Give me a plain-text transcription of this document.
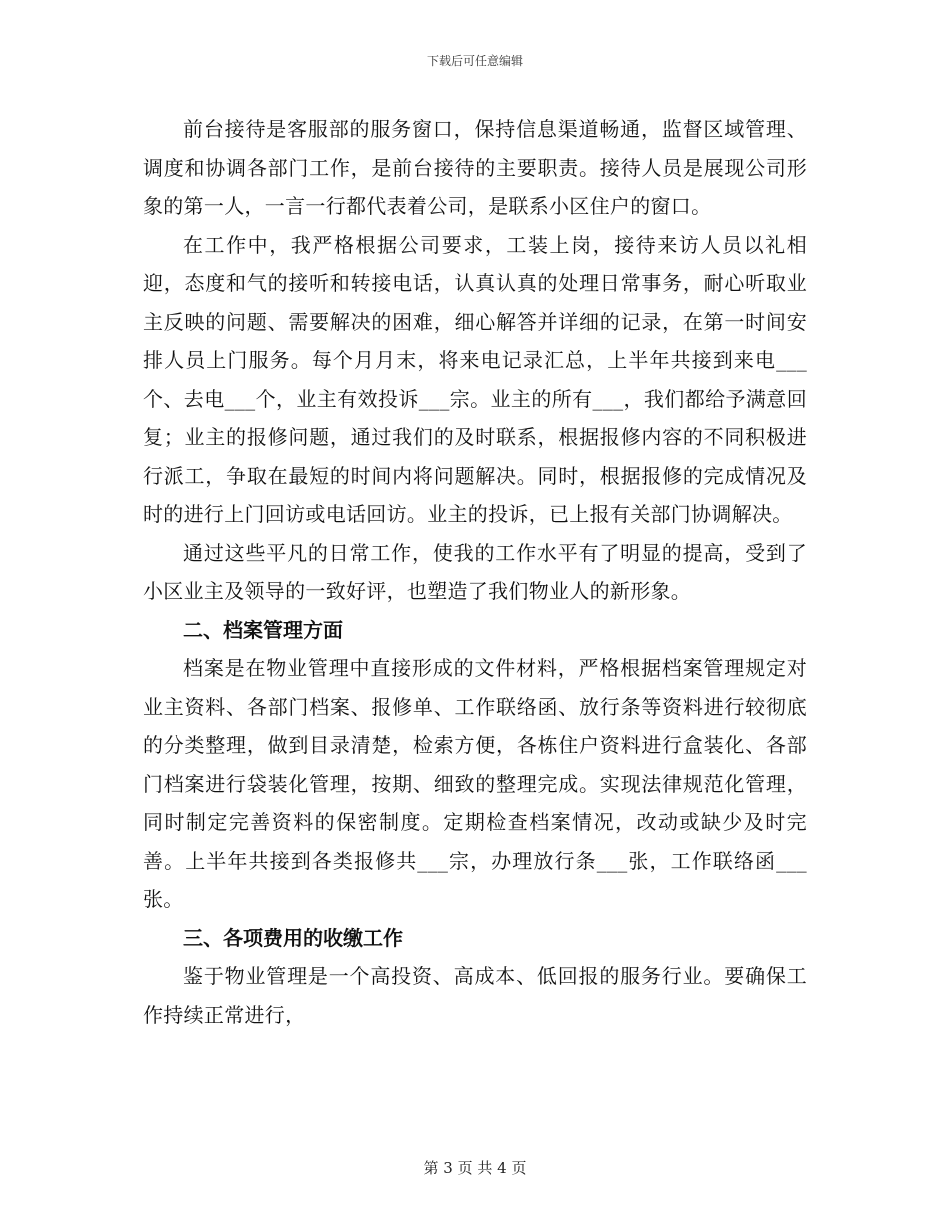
下载后可任意编辑

前台接待是客服部的服务窗口，保持信息渠道畅通，监督区域管理、调度和协调各部门工作，是前台接待的主要职责。接待人员是展现公司形象的第一人，一言一行都代表着公司，是联系小区住户的窗口。

在工作中，我严格根据公司要求，工装上岗，接待来访人员以礼相迎，态度和气的接听和转接电话，认真认真的处理日常事务，耐心听取业主反映的问题、需要解决的困难，细心解答并详细的记录，在第一时间安排人员上门服务。每个月月末，将来电记录汇总，上半年共接到来电___个、去电___个，业主有效投诉___宗。业主的所有___，我们都给予满意回复；业主的报修问题，通过我们的及时联系，根据报修内容的不同积极进行派工，争取在最短的时间内将问题解决。同时，根据报修的完成情况及时的进行上门回访或电话回访。业主的投诉，已上报有关部门协调解决。

通过这些平凡的日常工作，使我的工作水平有了明显的提高，受到了小区业主及领导的一致好评，也塑造了我们物业人的新形象。

二、档案管理方面

档案是在物业管理中直接形成的文件材料，严格根据档案管理规定对业主资料、各部门档案、报修单、工作联络函、放行条等资料进行较彻底的分类整理，做到目录清楚，检索方便，各栋住户资料进行盒装化、各部门档案进行袋装化管理，按期、细致的整理完成。实现法律规范化管理，同时制定完善资料的保密制度。定期检查档案情况，改动或缺少及时完善。上半年共接到各类报修共___宗，办理放行条___张，工作联络函___张。

三、各项费用的收缴工作

鉴于物业管理是一个高投资、高成本、低回报的服务行业。要确保工作持续正常进行，

第 3 页 共 4 页
